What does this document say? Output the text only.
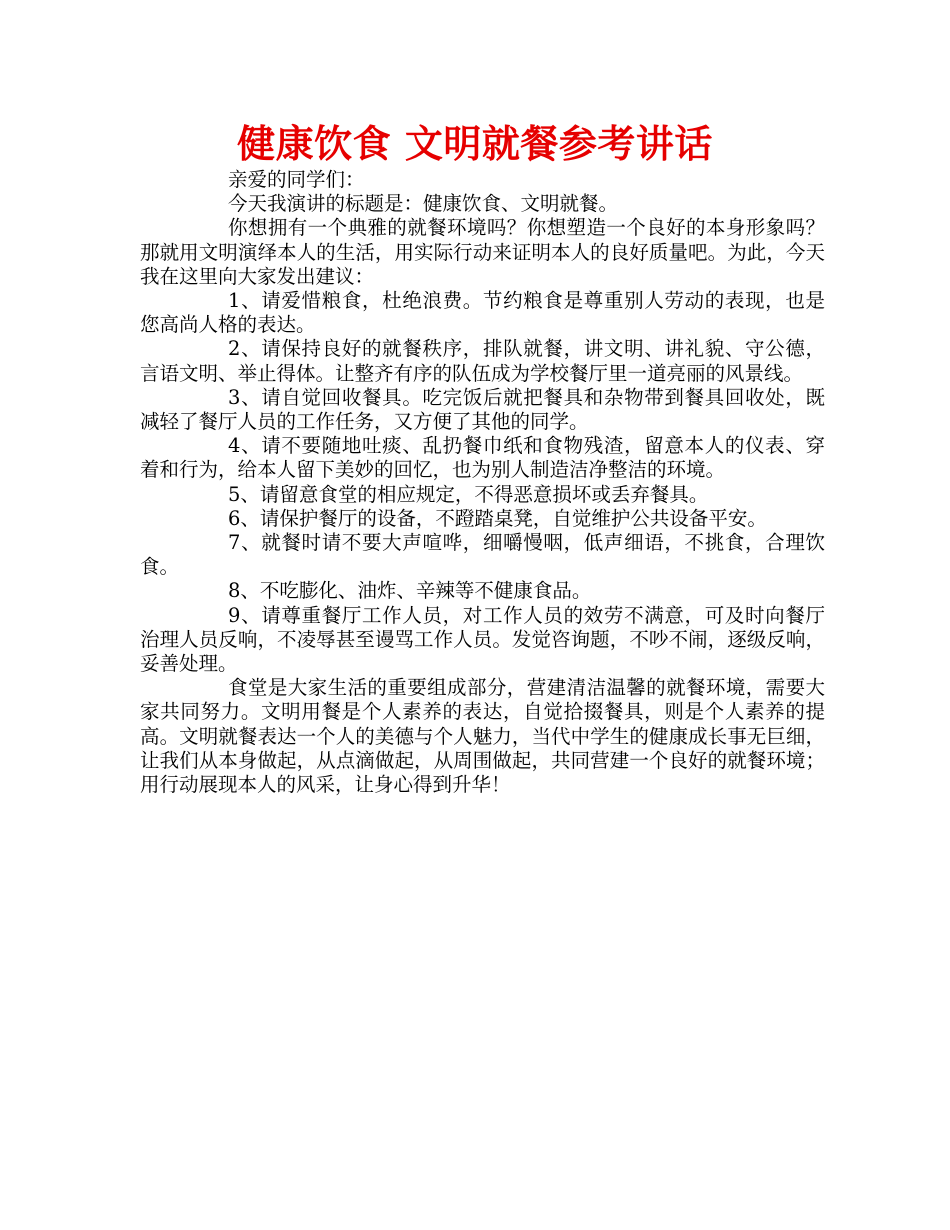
健康饮食 文明就餐参考讲话

亲爱的同学们：

今天我演讲的标题是：健康饮食、文明就餐。

你想拥有一个典雅的就餐环境吗？你想塑造一个良好的本身形象吗？那就用文明演绎本人的生活，用实际行动来证明本人的良好质量吧。为此，今天我在这里向大家发出建议：

1、请爱惜粮食，杜绝浪费。节约粮食是尊重别人劳动的表现，也是您高尚人格的表达。

2、请保持良好的就餐秩序，排队就餐，讲文明、讲礼貌、守公德，言语文明、举止得体。让整齐有序的队伍成为学校餐厅里一道亮丽的风景线。

3、请自觉回收餐具。吃完饭后就把餐具和杂物带到餐具回收处，既减轻了餐厅人员的工作任务，又方便了其他的同学。

4、请不要随地吐痰、乱扔餐巾纸和食物残渣，留意本人的仪表、穿着和行为，给本人留下美妙的回忆，也为别人制造洁净整洁的环境。

5、请留意食堂的相应规定，不得恶意损坏或丢弃餐具。

6、请保护餐厅的设备，不蹬踏桌凳，自觉维护公共设备平安。

7、就餐时请不要大声喧哗，细嚼慢咽，低声细语，不挑食，合理饮食。

8、不吃膨化、油炸、辛辣等不健康食品。

9、请尊重餐厅工作人员，对工作人员的效劳不满意，可及时向餐厅治理人员反响，不凌辱甚至谩骂工作人员。发觉咨询题，不吵不闹，逐级反响，妥善处理。

食堂是大家生活的重要组成部分，营建清洁温馨的就餐环境，需要大家共同努力。文明用餐是个人素养的表达，自觉拾掇餐具，则是个人素养的提高。文明就餐表达一个人的美德与个人魅力，当代中学生的健康成长事无巨细，让我们从本身做起，从点滴做起，从周围做起，共同营建一个良好的就餐环境；用行动展现本人的风采，让身心得到升华！
